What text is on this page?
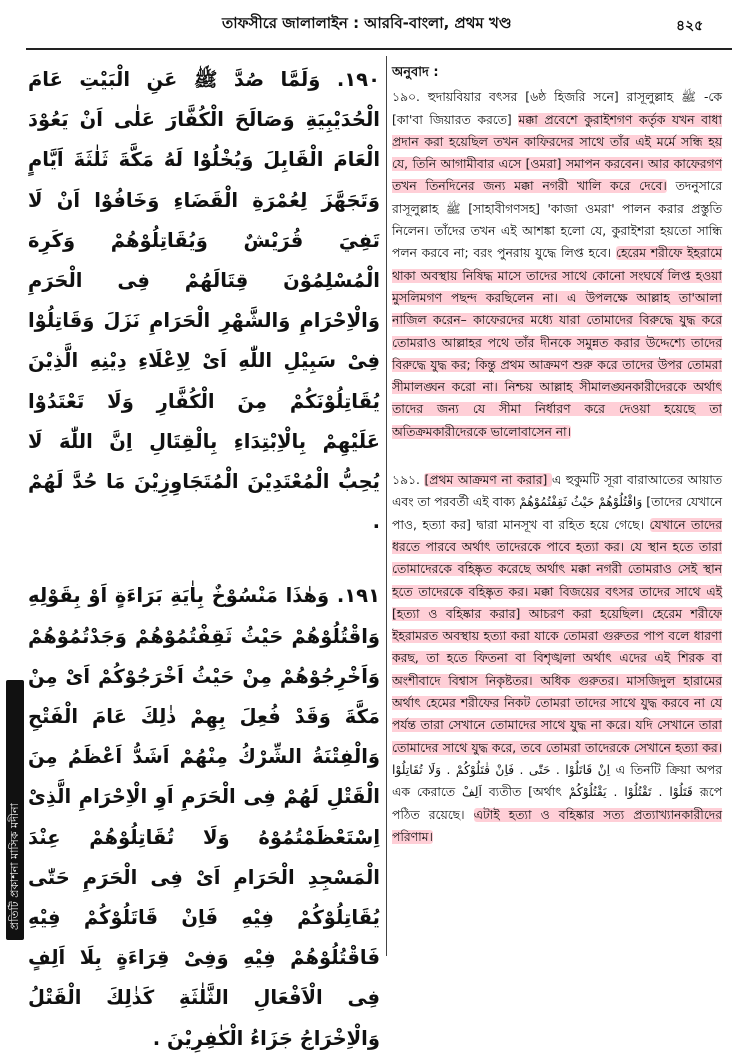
তাফসীরে জালালাইন : আরবি-বাংলা, প্রথম খণ্ড	৪২৫

١٩٠. وَلَمَّا صُدَّ ﷺ عَنِ الْبَيْتِ عَامَ الْحُدَيْبِيَةِ وَصَالَحَ الْكُفَّارَ عَلٰى اَنْ يَعُوْدَ الْعَامَ الْقَابِلَ وَيُخْلُوْا لَهُ مَكَّةَ ثَلٰثَةَ اَيَّامٍ وَتَجَهَّزَ لِعُمْرَةِ الْقَضَاءِ وَخَافُوْا اَنْ لَا تَفِيَ قُرَيْشٌ وَيُقَاتِلُوْهُمْ وَكَرِهَ الْمُسْلِمُوْنَ قِتَالَهُمْ فِى الْحَرَمِ وَالْاِحْرَامِ وَالشَّهْرِ الْحَرَامِ نَزَلَ وَقَاتِلُوْا فِىْ سَبِيْلِ اللّٰهِ اَىْ لِاِعْلَاءِ دِيْنِهِ الَّذِيْنَ يُقَاتِلُوْنَكُمْ مِنَ الْكُفَّارِ وَلَا تَعْتَدُوْا عَلَيْهِمْ بِالْاِبْتِدَاءِ بِالْقِتَالِ اِنَّ اللّٰهَ لَا يُحِبُّ الْمُعْتَدِيْنَ الْمُتَجَاوِزِيْنَ مَا حُدَّ لَهُمْ .

١٩١. وَهٰذَا مَنْسُوْخٌ بِاٰيَةِ بَرَاءَةٍ اَوْ بِقَوْلِهِ وَاقْتُلُوْهُمْ حَيْثُ ثَقِفْتُمُوْهُمْ وَجَدْتُمُوْهُمْ وَاَخْرِجُوْهُمْ مِنْ حَيْثُ اَخْرَجُوْكُمْ اَىْ مِنْ مَكَّةَ وَقَدْ فُعِلَ بِهِمْ ذٰلِكَ عَامَ الْفَتْحِ وَالْفِتْنَةُ الشِّرْكُ مِنْهُمْ اَشَدُّ اَعْظَمُ مِنَ الْقَتْلِ لَهُمْ فِى الْحَرَمِ اَوِ الْاِحْرَامِ الَّذِىْ اِسْتَعْظَمْتُمُوْهُ وَلَا تُقَاتِلُوْهُمْ عِنْدَ الْمَسْجِدِ الْحَرَامِ اَىْ فِى الْحَرَمِ حَتّٰى يُقَاتِلُوْكُمْ فِيْهِ فَاِنْ قَاتَلُوْكُمْ فِيْهِ فَاقْتُلُوْهُمْ فِيْهِ وَفِىْ قِرَاءَةٍ بِلَا اَلِفٍ فِى الْاَفْعَالِ الثَّلٰثَةِ كَذٰلِكَ الْقَتْلُ وَالْاِخْرَاجُ جَزَاءُ الْكٰفِرِيْنَ .

অনুবাদ :

১৯০. হুদায়বিয়ার বৎসর [৬ষ্ঠ হিজরি সনে] রাসূলুল্লাহ ﷺ -কে [কা'বা জিয়ারত করতে] মক্কা প্রবেশে কুরাইশগণ কর্তৃক যখন বাধা প্রদান করা হয়েছিল তখন কাফিরদের সাথে তাঁর এই মর্মে সন্ধি হয় যে, তিনি আগামীবার এসে [ওমরা] সমাপন করবেন। আর কাফেরগণ তখন তিনদিনের জন্য মক্কা নগরী খালি করে দেবে। তদনুসারে রাসূলুল্লাহ ﷺ [সাহাবীগণসহ] 'কাজা ওমরা' পালন করার প্রস্তুতি নিলেন। তাঁদের তখন এই আশঙ্কা হলো যে, কুরাইশরা হয়তো সান্ধি পলন করবে না; বরং পুনরায় যুদ্ধে লিপ্ত হবে। হেরেম শরীফে ইহরামে থাকা অবস্থায় নিষিদ্ধ মাসে তাদের সাথে কোনো সংঘর্ষে লিপ্ত হওয়া মুসলিমগণ পছন্দ করছিলেন না। এ উপলক্ষে আল্লাহ তা'আলা নাজিল করেন– কাফেরদের মধ্যে যারা তোমাদের বিরুদ্ধে যুদ্ধ করে তোমরাও আল্লাহর পথে তাঁর দীনকে সমুন্নত করার উদ্দেশ্যে তাদের বিরুদ্ধে যুদ্ধ কর; কিন্তু প্রথম আক্রমণ শুরু করে তাদের উপর তোমরা সীমালঙ্ঘন করো না। নিশ্চয় আল্লাহ সীমালঙ্ঘনকারীদেরকে অর্থাৎ তাদের জন্য যে সীমা নির্ধারণ করে দেওয়া হয়েছে তা অতিক্রমকারীদেরকে ভালোবাসেন না।

১৯১. [প্রথম আক্রমণ না করার] এ হুকুমটি সূরা বারাআতের আয়াত এবং তা পরবর্তী এই বাক্য وَاقْتُلُوْهُمْ حَيْثُ ثَقِفْتُمُوْهُمْ [তাদের যেখানে পাও, হত্যা কর] দ্বারা মানসূখ বা রহিত হয়ে গেছে। যেখানে তাদের ধরতে পারবে অর্থাৎ তাদেরকে পাবে হত্যা কর। যে স্থান হতে তারা তোমাদেরকে বহিষ্কৃত করেছে অর্থাৎ মক্কা নগরী তোমরাও সেই স্থান হতে তাদেরকে বহিষ্কৃত কর। মক্কা বিজয়ের বৎসর তাদের সাথে এই [হত্যা ও বহিষ্কার করার] আচরণ করা হয়েছিল। হেরেম শরীফে ইহরামরত অবস্থায় হত্যা করা যাকে তোমরা গুরুতর পাপ বলে ধারণা করছ, তা হতে ফিতনা বা বিশৃঙ্খলা অর্থাৎ এদের এই শিরক বা অংশীবাদে বিশ্বাস নিকৃষ্টতর। অধিক গুরুতর। মাসজিদুল হারামের অর্থাৎ হেমের শরীফের নিকট তোমরা তাদের সাথে যুদ্ধ করবে না যে পর্যন্ত তারা সেখানে তোমাদের সাথে যুদ্ধ না করে। যদি সেখানে তারা তোমাদের সাথে যুদ্ধ করে, তবে তোমরা তাদেরকে সেখানে হত্যা কর। اِنْ قَاتَلُوْا . حَتّٰى . فَاِنْ قٰتَلُوْكُمْ . وَلَا تُقَاتِلُوْا এ তিনটি ক্রিয়া অপর এক কেরাতে اَلِفْ ব্যতীত [অর্থাৎ قَتَلُوْا . تَقْتُلُوْا . يَقْتُلُوْكُمْ রূপে পঠিত রয়েছে। এটাই হত্যা ও বহিষ্কার সত্য প্রত্যাখ্যানকারীদের পরিণাম।
